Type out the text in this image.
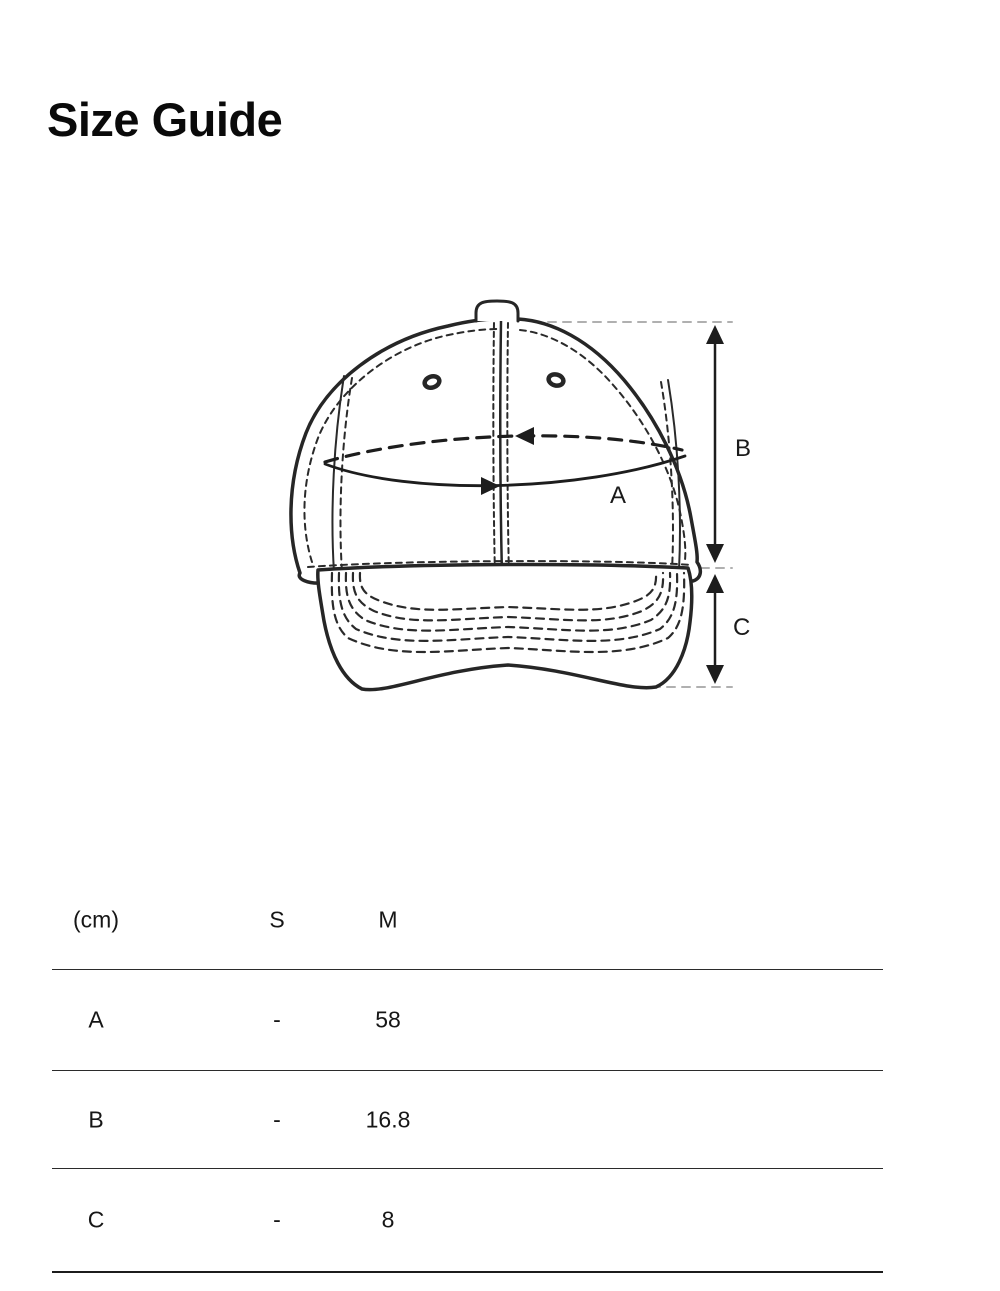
Size Guide
A
B
C
(cm)	S	M
A	-	58
B	-	16.8
C	-	8
